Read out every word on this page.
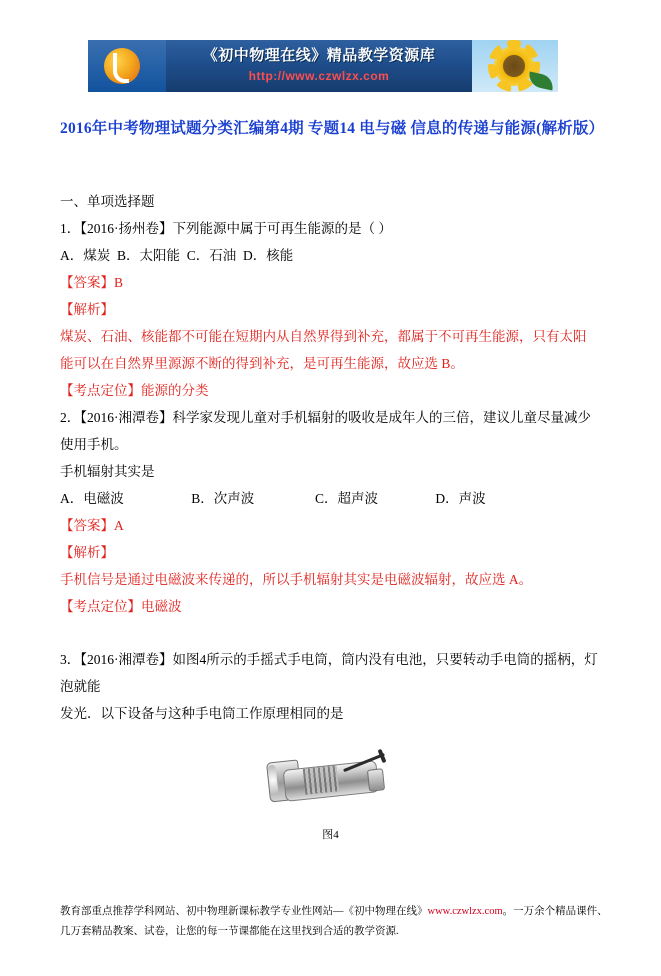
《初中物理在线》精品教学资源库
http://www.czwlzx.com
2016年中考物理试题分类汇编第4期 专题14 电与磁 信息的传递与能源(解析版）
一、单项选择题

1．【2016·扬州卷】下列能源中属于可再生能源的是（ ）

A．煤炭  B．太阳能  C．石油  D．核能

【答案】B

【解析】

煤炭、石油、核能都不可能在短期内从自然界得到补充，都属于不可再生能源，只有太阳

能可以在自然界里源源不断的得到补充，是可再生能源，故应选 B。

【考点定位】能源的分类

2．【2016·湘潭卷】科学家发现儿童对手机辐射的吸收是成年人的三倍，建议儿童尽量减少使用手机。

手机辐射其实是

A．电磁波                    B．次声波                  C．超声波                 D．声波

【答案】A

【解析】

手机信号是通过电磁波来传递的，所以手机辐射其实是电磁波辐射，故应选 A。

【考点定位】电磁波

3．【2016·湘潭卷】如图4所示的手摇式手电筒，筒内没有电池，只要转动手电筒的摇柄，灯泡就能

发光．以下设备与这种手电筒工作原理相同的是

图4
教育部重点推荐学科网站、初中物理新课标教学专业性网站—《初中物理在线》www.czwlzx.com。一万余个精品课件、
几万套精品教案、试卷，让您的每一节课都能在这里找到合适的教学资源.
